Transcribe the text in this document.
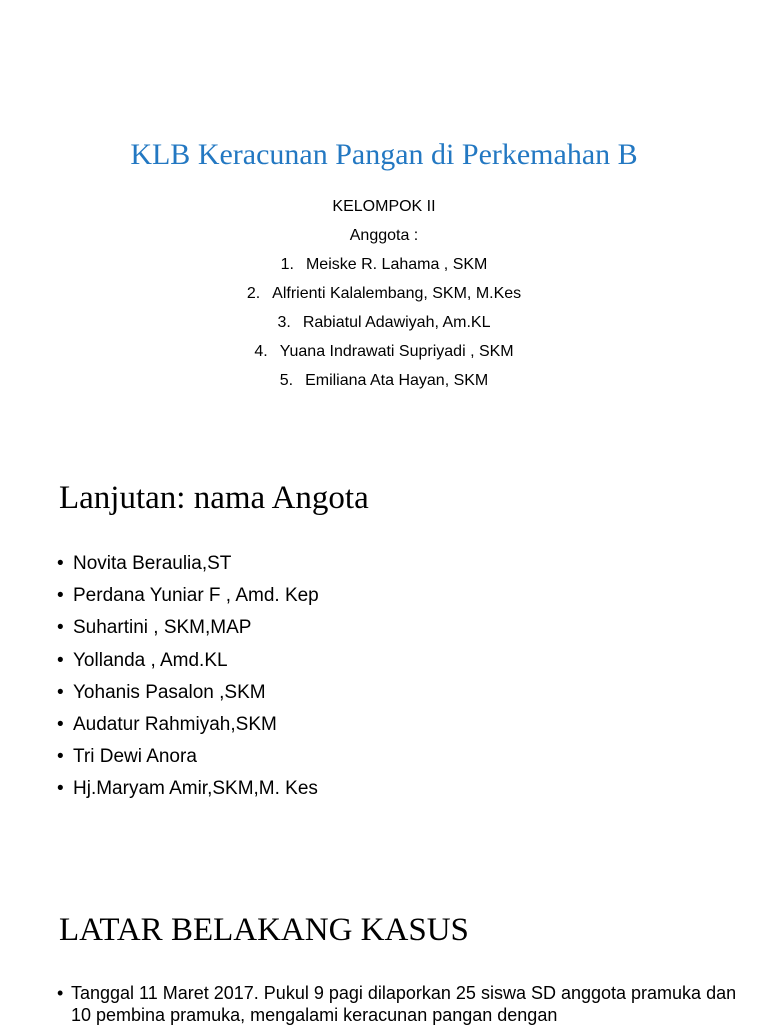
KLB Keracunan Pangan di Perkemahan B
KELOMPOK II
Anggota :
1. Meiske R. Lahama , SKM
2. Alfrienti Kalalembang, SKM, M.Kes
3. Rabiatul Adawiyah, Am.KL
4. Yuana Indrawati Supriyadi , SKM
5. Emiliana Ata Hayan, SKM
Lanjutan: nama Angota
• Novita Beraulia,ST
• Perdana Yuniar F , Amd. Kep
• Suhartini , SKM,MAP
• Yollanda , Amd.KL
• Yohanis Pasalon ,SKM
• Audatur Rahmiyah,SKM
• Tri Dewi Anora
• Hj.Maryam Amir,SKM,M. Kes
LATAR BELAKANG KASUS
• Tanggal 11 Maret 2017. Pukul 9 pagi dilaporkan 25 siswa SD anggota pramuka dan 10 pembina pramuka, mengalami keracunan pangan dengan
